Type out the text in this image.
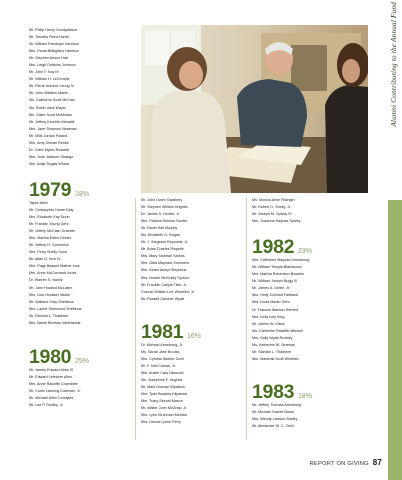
Alumni Contributing to the Annual Fund
Mr. Philip Henry Goodpasture
Mr. Timothy Reed Harris
Mr. William Randolph Harrison
Mrs. Paula Billingsley Harrison
Mr. Stephen Anson Hart
Mrs. Leigh Dobbins Johnson
Mr. John F. Kay III
Mr. William H. LeComple
Mr. Pierre Antonie Leung IV
Mr. John Watkins Martin
Ms. Claiborne Scott McCain
Ms. Robin Jane Mayer
Ms. Claire Scott McMullan
Mr. Jeffrey Kershlin Medcalf
Mrs. Jane Shannon Newman
Mr. Mills Jordan Poland
Mrs. Amy Gilman Renke
Dr. Clare Myers Rossetti
Mrs. Julie Jackson Strange
Mrs. Adair Dugas Wheat
1979 18%
Taylor Allen
Mr. Christopher Hume Daly
Mrs. Elizabeth Kay Dunn
Mr. Franklin Young Gehr
Mr. Jeffrey McClain Graeber
Mrs. Martha Estes Ginner
Mr. Jeffrey H. Gunnerick
Mrs. Perry Shelly Gunn
Mr. Allan G. Ince IV
Mrs. Page Bassett Mather Ince
Mrs. Anne McCormack Innes
Dr. Warren S. Nanitz
Mr. John Howard McLaren
Mrs. Lisa Honaker Nickel
Mr. Wallace Gray Shettinus
Mrs. Laurie Sherwood Shettinus
Mr. Richard L. Thaltimer
Mrs. Barrie Berman VanBrackle
1980 25%
Mr. James Edward Abbe III
Mr. Edward Lefebvre Allen
Mrs. Anne Ratcliffe Chamblee
Mr. Curtin Lansing Coleman, Jr.
Mr. Michael Allen Condyles
Mr. Lee P. Dudley, Jr.
Mr. John Owen Gwaltney
Mr. Stephen William Hughes
Dr. James S. Hunter, Jr.
Mrs. Patricia Hobson Hunter
Mr. David Hall Murphy
Ms. Elizabeth G. Rogan
Mr. J. Sargeant Reynolds, Jr.
Mr. Brian Charles Rispelle
Mrs. Mary Seaman Sarkes
Mrs. Sara Maynard Sommers
Mrs. Karen Alseyt Stephens
Mrs. Hunter McKinley Sydnor
Mr. Franklin Carlyle Tiller, Jr.
Colonel William Lee Wimbish, Jr.
Mr. Russell Gardner Wyatt
1981 16%
Dr. Michael Armstrong, Jr.
Ms. Sarah Jane Brooks
Mrs. Cynthia Stuther Cecil
Mr. F. Neil Cowan, Jr.
Mrs. Austin Cary Hancock
Ms. Josephine F. Hughes
Mr. Mark Duncan Kilpatrick
Mrs. Tyler Beazley Kilpatrick
Mrs. Tracy Sinnott Mason
Mr. Walter John McGraw, Jr.
Mrs. Lynn Kirchman Melnick
Mrs. Donna Lynne Perry
Ms. Monica Anne Risinger
Mr. Robert G. Shelly, Jr.
Mr. Joseph M. Spivey IV
Mrs. Suzanne Haynes Spivey
1982 23%
Mrs. Catherine Maynard Armstrong
Mr. William Temple Blackwood
Mrs. Martha Robertson Bowden
Mr. William Joseph Bugg III
Mr. James A. Deibe, Jr.
Mrs. Holly Schmidt Fairbank
Mrs. Linda Martin Gehr
Dr. Frances Blanton Herbert
Mrs. Kelly Ivey King
Mr. James W. Klaus
Ms. Catherine Ratcliffe Mitchell
Mrs. Sally Wyatt Roddey
Ms. Katherine W. Seaman
Mr. Stanton L. Thaltimer
Mrs. Marshall Scott Wimbish
1983 18%
Mr. Jeffrey Thomas Armstrong
Mr. Michael Garrett Bland
Mrs. Wendy Lawson Bosley
Mr. Alexander W. C. Cecil
REPORT ON GIVING 87
